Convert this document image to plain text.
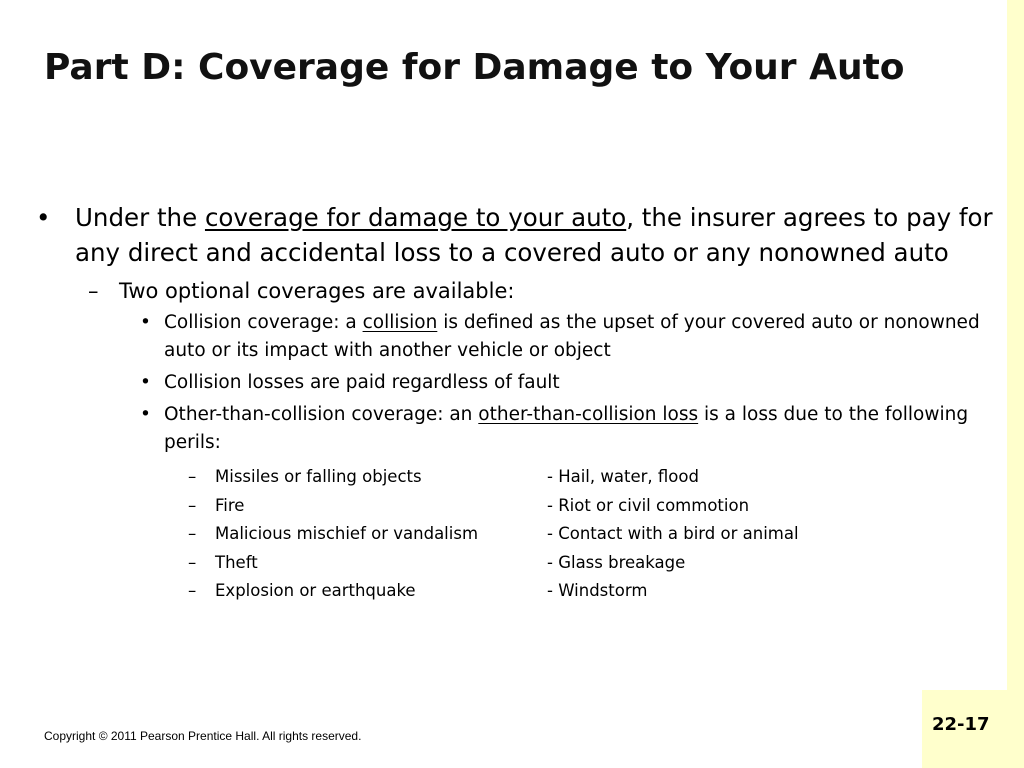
Part D: Coverage for Damage to Your Auto
• Under the coverage for damage to your auto, the insurer agrees to pay for any direct and accidental loss to a covered auto or any nonowned auto
– Two optional coverages are available:
• Collision coverage: a collision is defined as the upset of your covered auto or nonowned auto or its impact with another vehicle or object
• Collision losses are paid regardless of fault
• Other-than-collision coverage: an other-than-collision loss is a loss due to the following perils:
– Missiles or falling objects	- Hail, water, flood
– Fire	- Riot or civil commotion
– Malicious mischief or vandalism	- Contact with a bird or animal
– Theft	- Glass breakage
– Explosion or earthquake	- Windstorm
Copyright © 2011 Pearson Prentice Hall. All rights reserved.
22-17
